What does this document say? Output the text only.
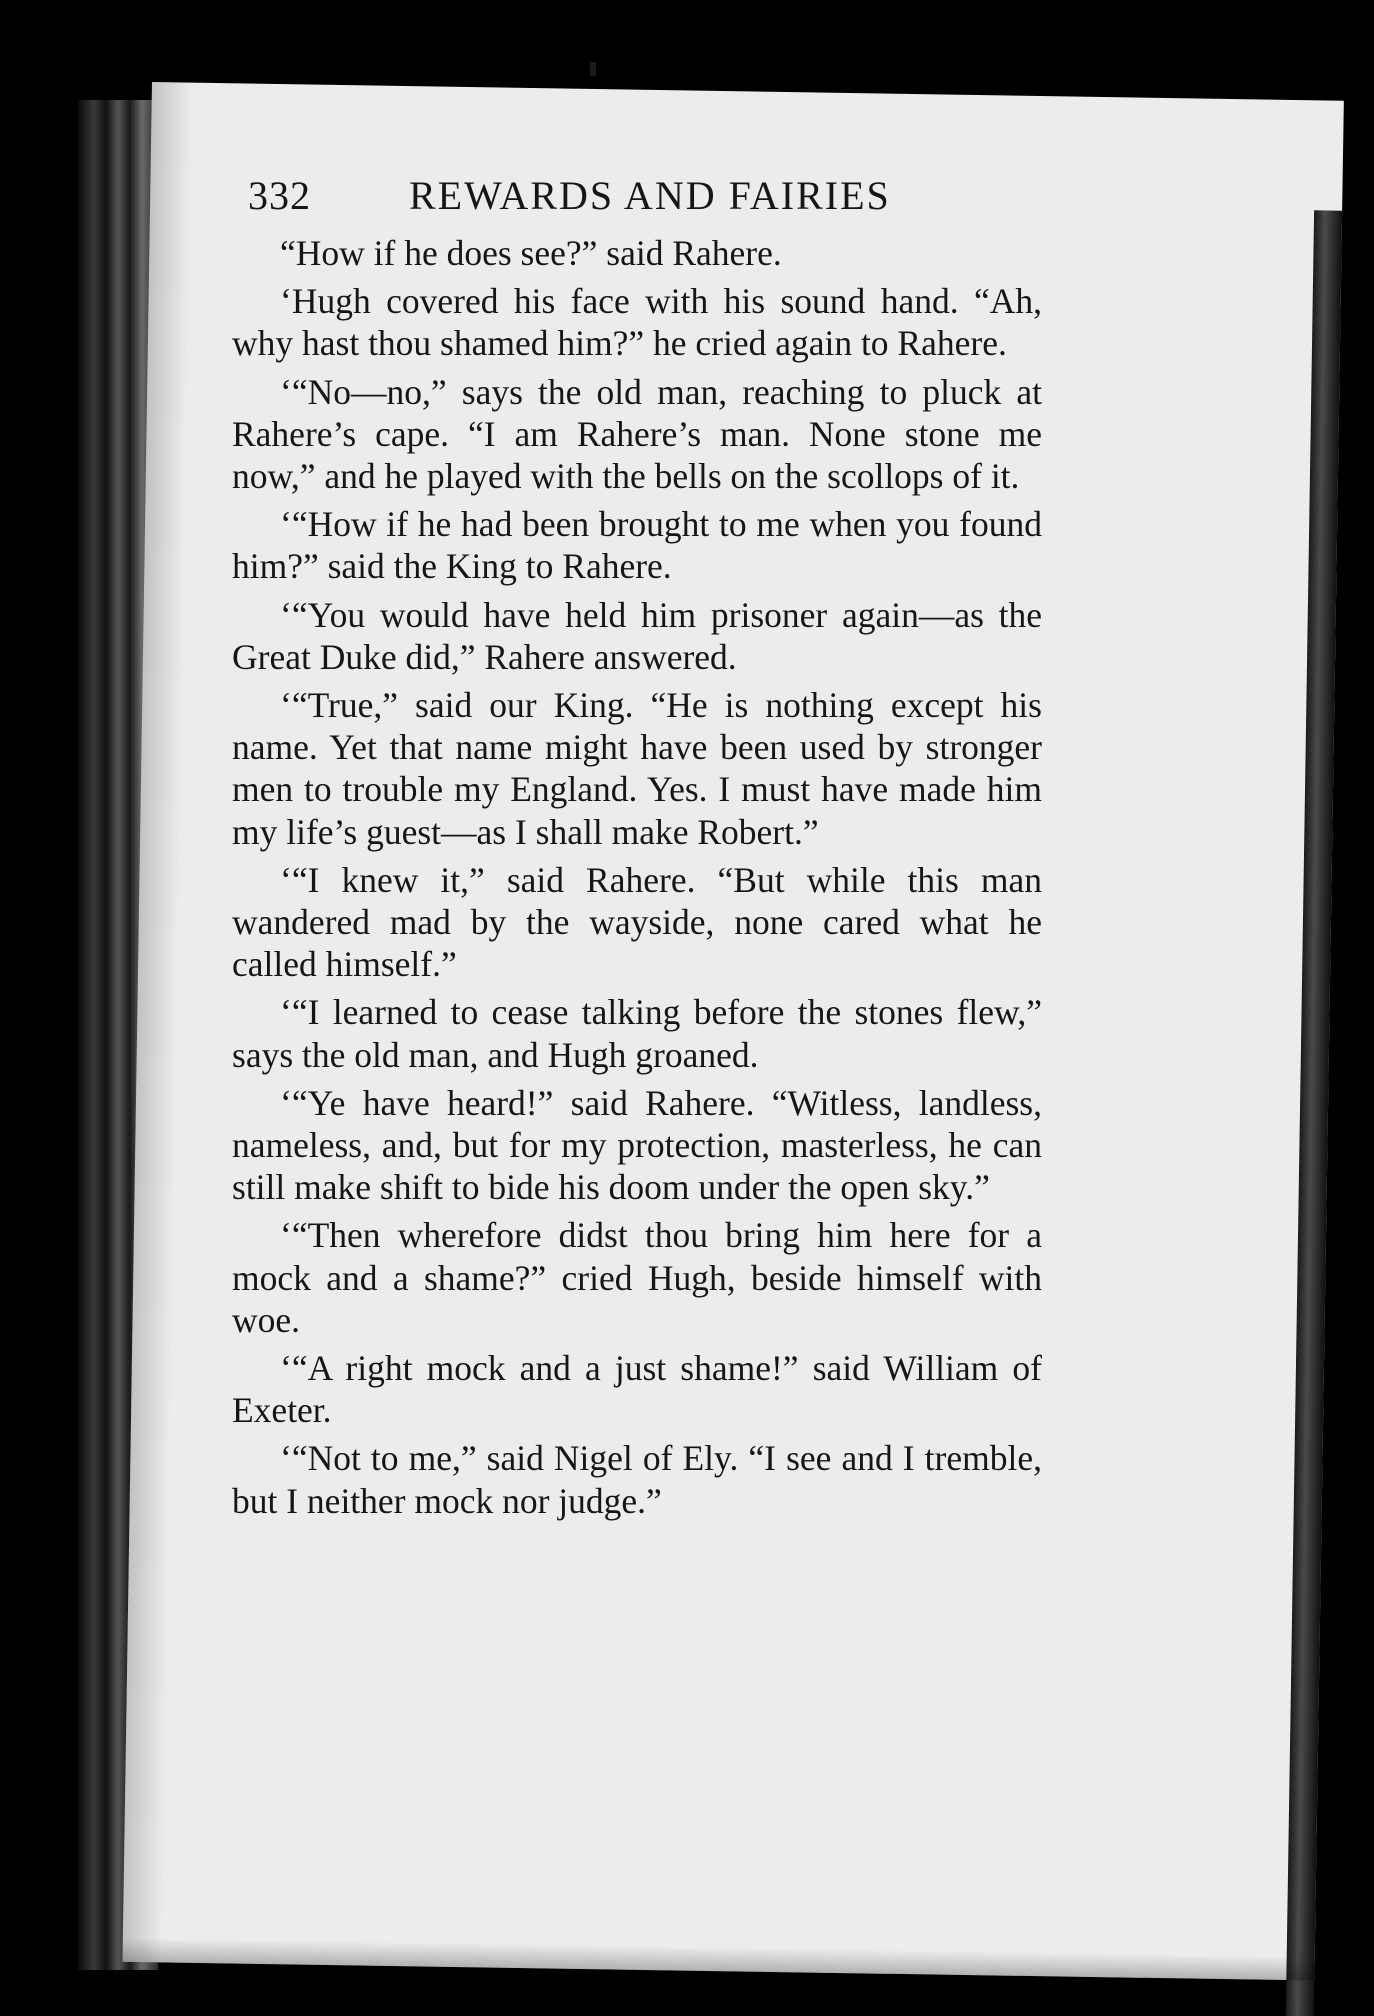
332 REWARDS AND FAIRIES

“How if he does see?” said Rahere.

‘Hugh covered his face with his sound hand. “Ah, why hast thou shamed him?” he cried again to Rahere.

‘“No—no,” says the old man, reaching to pluck at Rahere’s cape. “I am Rahere’s man. None stone me now,” and he played with the bells on the scollops of it.

‘“How if he had been brought to me when you found him?” said the King to Rahere.

‘“You would have held him prisoner again—as the Great Duke did,” Rahere answered.

‘“True,” said our King. “He is nothing except his name. Yet that name might have been used by stronger men to trouble my England. Yes. I must have made him my life’s guest—as I shall make Robert.”

‘“I knew it,” said Rahere. “But while this man wandered mad by the wayside, none cared what he called himself.”

‘“I learned to cease talking before the stones flew,” says the old man, and Hugh groaned.

‘“Ye have heard!” said Rahere. “Witless, landless, nameless, and, but for my protection, masterless, he can still make shift to bide his doom under the open sky.”

‘“Then wherefore didst thou bring him here for a mock and a shame?” cried Hugh, beside himself with woe.

‘“A right mock and a just shame!” said William of Exeter.

‘“Not to me,” said Nigel of Ely. “I see and I tremble, but I neither mock nor judge.”
